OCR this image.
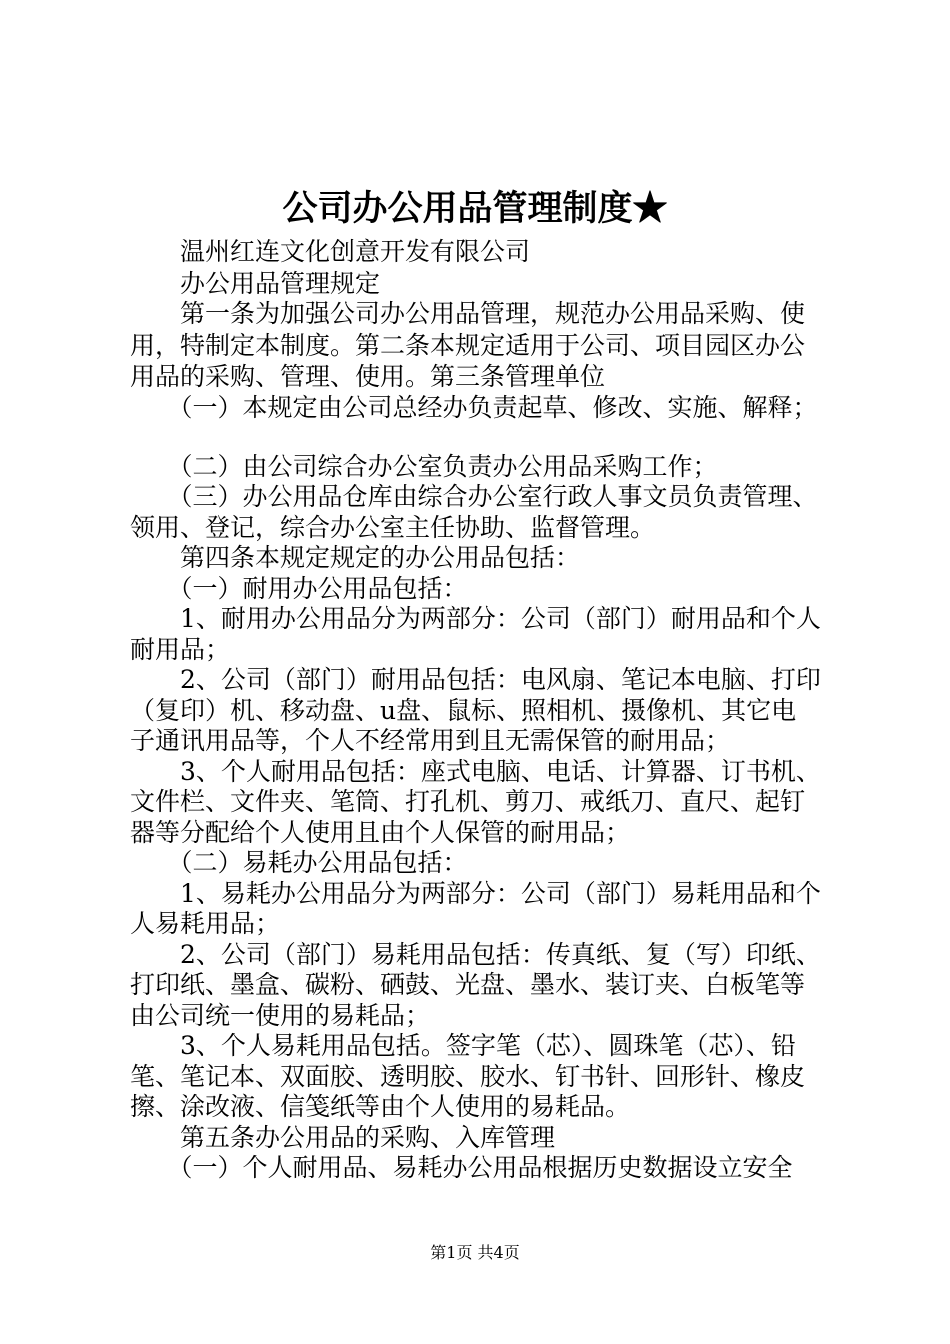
公司办公用品管理制度★

　　温州红连文化创意开发有限公司

　　办公用品管理规定

　　第一条为加强公司办公用品管理，规范办公用品采购、使

用，特制定本制度。第二条本规定适用于公司、项目园区办公

用品的采购、管理、使用。第三条管理单位

　　（一）本规定由公司总经办负责起草、修改、实施、解释；

　　（二）由公司综合办公室负责办公用品采购工作；

　　（三）办公用品仓库由综合办公室行政人事文员负责管理、

领用、登记，综合办公室主任协助、监督管理。

　　第四条本规定规定的办公用品包括：

　　（一）耐用办公用品包括：

　　1、耐用办公用品分为两部分：公司（部门）耐用品和个人

耐用品；

　　2、公司（部门）耐用品包括：电风扇、笔记本电脑、打印

（复印）机、移动盘、u盘、鼠标、照相机、摄像机、其它电

子通讯用品等，个人不经常用到且无需保管的耐用品；

　　3、个人耐用品包括：座式电脑、电话、计算器、订书机、

文件栏、文件夹、笔筒、打孔机、剪刀、戒纸刀、直尺、起钉

器等分配给个人使用且由个人保管的耐用品；

　　（二）易耗办公用品包括：

　　1、易耗办公用品分为两部分：公司（部门）易耗用品和个

人易耗用品；

　　2、公司（部门）易耗用品包括：传真纸、复（写）印纸、

打印纸、墨盒、碳粉、硒鼓、光盘、墨水、装订夹、白板笔等

由公司统一使用的易耗品；

　　3、个人易耗用品包括。签字笔（芯）、圆珠笔（芯）、铅

笔、笔记本、双面胶、透明胶、胶水、钉书针、回形针、橡皮

擦、涂改液、信笺纸等由个人使用的易耗品。

　　第五条办公用品的采购、入库管理

　　（一）个人耐用品、易耗办公用品根据历史数据设立安全

第1页 共4页
